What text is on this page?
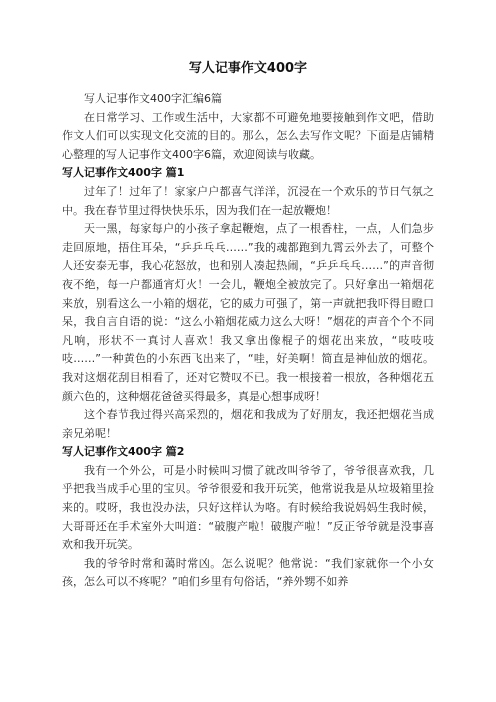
写人记事作文400字

写人记事作文400字汇编6篇

在日常学习、工作或生活中，大家都不可避免地要接触到作文吧，借助作文人们可以实现文化交流的目的。那么，怎么去写作文呢？下面是店铺精心整理的写人记事作文400字6篇，欢迎阅读与收藏。

写人记事作文400字 篇1

过年了！过年了！家家户户都喜气洋洋，沉浸在一个欢乐的节日气氛之中。我在春节里过得快快乐乐，因为我们在一起放鞭炮！

天一黑，每家每户的小孩子拿起鞭炮，点了一根香柱，一点，人们急步走回原地，捂住耳朵，“乒乒乓乓……”我的魂都跑到九霄云外去了，可整个人还安泰无事，我心花怒放，也和别人凑起热闹，“乒乒乓乓……”的声音彻夜不绝，每一户都通宵灯火！一会儿，鞭炮全被放完了。只好拿出一箱烟花来放，别看这么一小箱的烟花，它的威力可强了，第一声就把我吓得目瞪口呆，我自言自语的说：“这么小箱烟花威力这么大呀！”烟花的声音个个不同凡响，形状不一真讨人喜欢！我又拿出像棍子的烟花出来放，“吱吱吱吱……”一种黄色的小东西飞出来了，“哇，好美啊！简直是神仙放的烟花。我对这烟花刮目相看了，还对它赞叹不已。我一根接着一根放，各种烟花五颜六色的，这种烟花爸爸买得最多，真是心想事成呀！

这个春节我过得兴高采烈的，烟花和我成为了好朋友，我还把烟花当成亲兄弟呢！

写人记事作文400字 篇2

我有一个外公，可是小时候叫习惯了就改叫爷爷了，爷爷很喜欢我，几乎把我当成手心里的宝贝。爷爷很爱和我开玩笑，他常说我是从垃圾箱里捡来的。哎呀，我也没办法，只好这样认为咯。有时候给我说妈妈生我时候，大哥哥还在手术室外大叫道：“破腹产啦！破腹产啦！”反正爷爷就是没事喜欢和我开玩笑。

我的爷爷时常和蔼时常凶。怎么说呢？他常说：“我们家就你一个小女孩，怎么可以不疼呢？”咱们乡里有句俗话，“养外甥不如养
